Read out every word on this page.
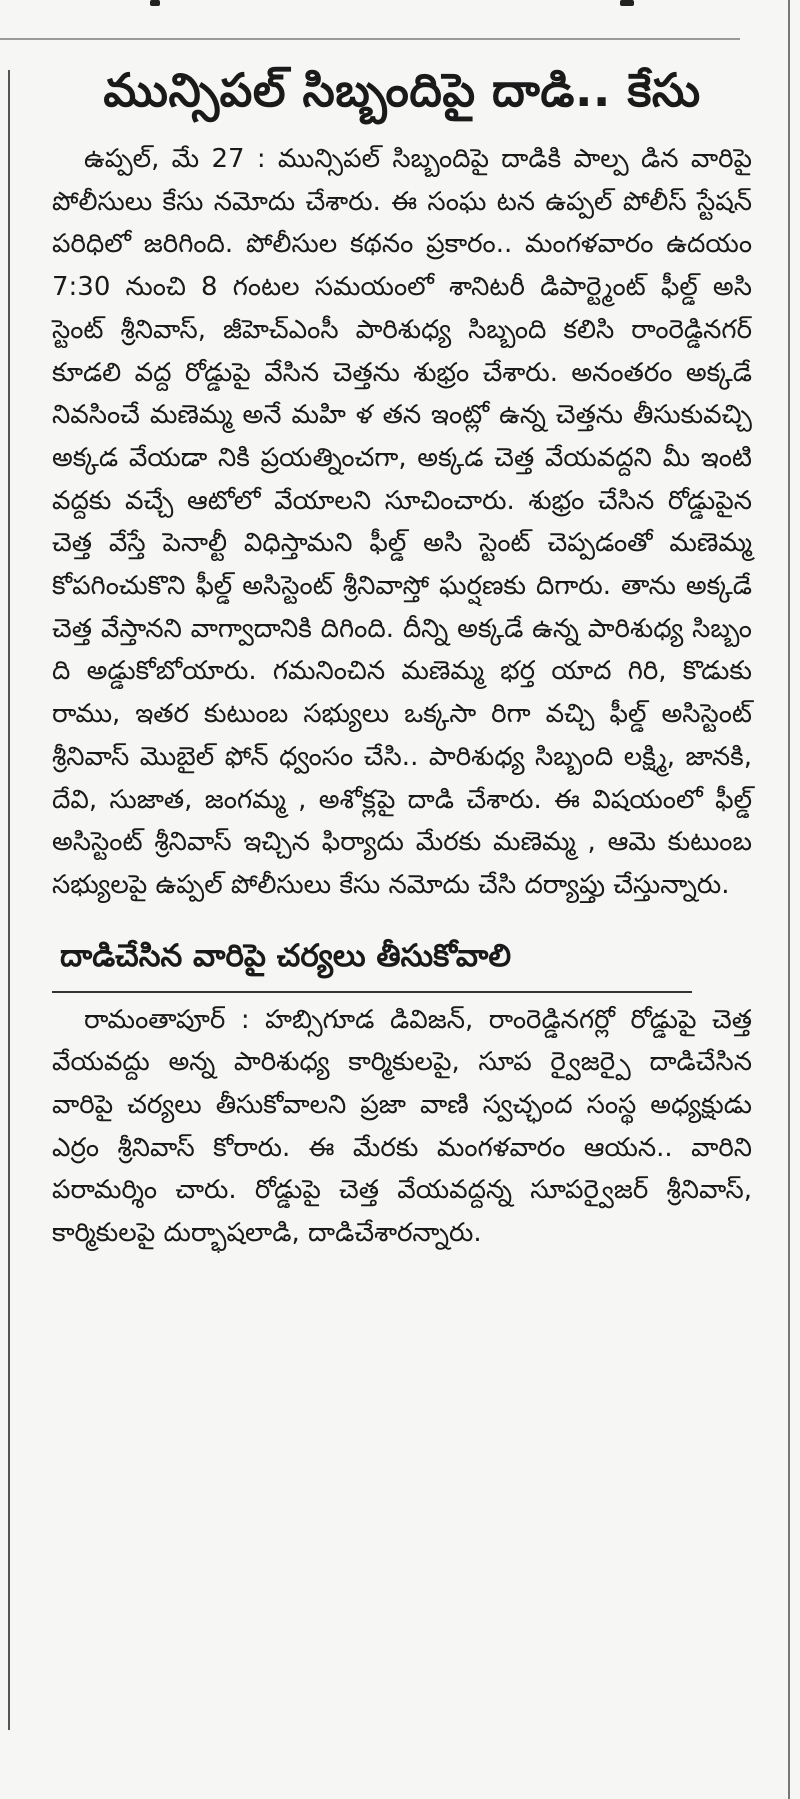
మున్సిపల్ సిబ్బందిపై దాడి.. కేసు

ఉప్పల్, మే 27 : మున్సిపల్ సిబ్బందిపై దాడికి పాల్ప డిన వారిపై పోలీసులు కేసు నమోదు చేశారు. ఈ సంఘ టన ఉప్పల్ పోలీస్ స్టేషన్ పరిధిలో జరిగింది. పోలీసుల కథనం ప్రకారం.. మంగళవారం ఉదయం 7:30 నుంచి 8 గంటల సమయంలో శానిటరీ డిపార్ట్మెంట్ ఫీల్డ్ అసి స్టెంట్ శ్రీనివాస్, జీహెచ్ఎంసీ పారిశుధ్య సిబ్బంది కలిసి రాంరెడ్డినగర్ కూడలి వద్ద రోడ్డుపై వేసిన చెత్తను శుభ్రం చేశారు. అనంతరం అక్కడే నివసించే మణెమ్మ అనే మహి ళ తన ఇంట్లో ఉన్న చెత్తను తీసుకువచ్చి అక్కడ వేయడా నికి ప్రయత్నించగా, అక్కడ చెత్త వేయవద్దని మీ ఇంటి వద్దకు వచ్చే ఆటోలో వేయాలని సూచించారు. శుభ్రం చేసిన రోడ్డుపైన చెత్త వేస్తే పెనాల్టీ విధిస్తామని ఫీల్డ్ అసి స్టెంట్ చెప్పడంతో మణెమ్మ కోపగించుకొని ఫీల్డ్ అసిస్టెంట్ శ్రీనివాస్తో ఘర్షణకు దిగారు. తాను అక్కడే చెత్త వేస్తానని వాగ్వాదానికి దిగింది. దీన్ని అక్కడే ఉన్న పారిశుధ్య సిబ్బం ది అడ్డుకోబోయారు. గమనించిన మణెమ్మ భర్త యాద గిరి, కొడుకు రాము, ఇతర కుటుంబ సభ్యులు ఒక్కసా రిగా వచ్చి ఫీల్డ్ అసిస్టెంట్ శ్రీనివాస్ మొబైల్ ఫోన్ ధ్వంసం చేసి.. పారిశుధ్య సిబ్బంది లక్ష్మి, జానకి, దేవి, సుజాత, జంగమ్మ , అశోక్లపై దాడి చేశారు. ఈ విషయంలో ఫీల్డ్ అసిస్టెంట్ శ్రీనివాస్ ఇచ్చిన ఫిర్యాదు మేరకు మణెమ్మ , ఆమె కుటుంబ సభ్యులపై ఉప్పల్ పోలీసులు కేసు నమోదు చేసి దర్యాప్తు చేస్తున్నారు.

దాడిచేసిన వారిపై చర్యలు తీసుకోవాలి

రామంతాపూర్ : హబ్సిగూడ డివిజన్, రాంరెడ్డినగర్లో రోడ్డుపై చెత్త వేయవద్దు అన్న పారిశుధ్య కార్మికులపై, సూప ర్వైజర్పై దాడిచేసిన వారిపై చర్యలు తీసుకోవాలని ప్రజా వాణి స్వచ్ఛంద సంస్థ అధ్యక్షుడు ఎర్రం శ్రీనివాస్ కోరారు. ఈ మేరకు మంగళవారం ఆయన.. వారిని పరామర్శిం చారు. రోడ్డుపై చెత్త వేయవద్దన్న సూపర్వైజర్ శ్రీనివాస్, కార్మికులపై దుర్భాషలాడి, దాడిచేశారన్నారు.
